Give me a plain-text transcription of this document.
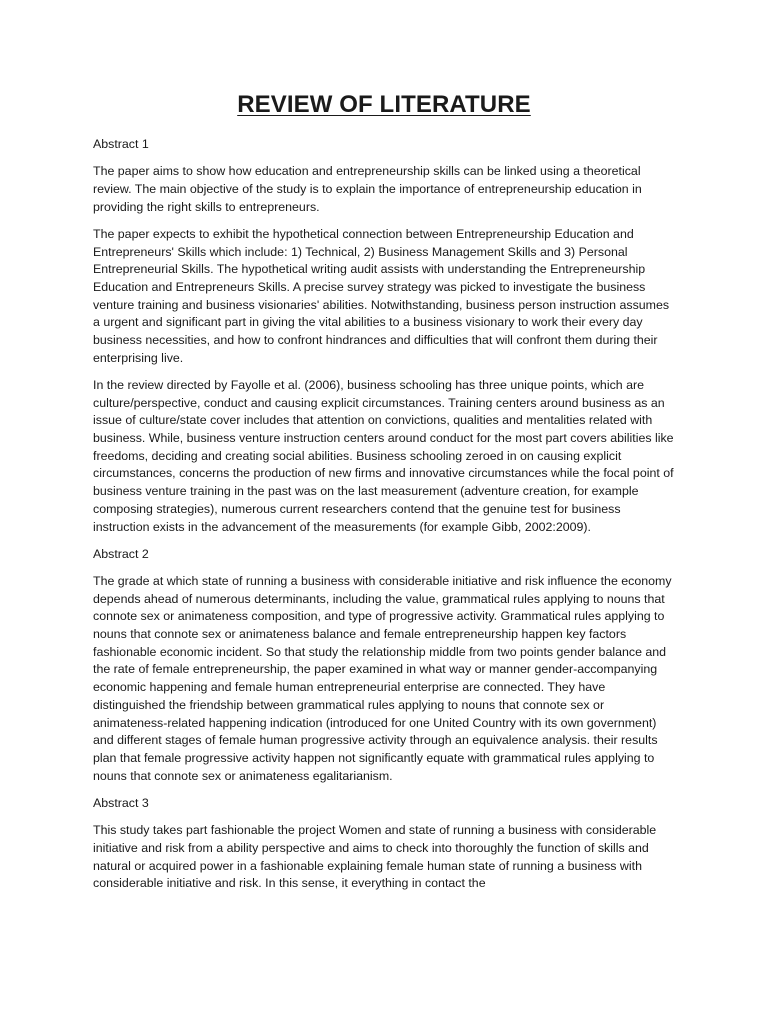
REVIEW OF LITERATURE
Abstract 1

The paper aims to show how education and entrepreneurship skills can be linked using a theoretical review. The main objective of the study is to explain the importance of entrepreneurship education in providing the right skills to entrepreneurs.

The paper expects to exhibit the hypothetical connection between Entrepreneurship Education and Entrepreneurs' Skills which include: 1) Technical, 2) Business Management Skills and 3) Personal Entrepreneurial Skills. The hypothetical writing audit assists with understanding the Entrepreneurship Education and Entrepreneurs Skills. A precise survey strategy was picked to investigate the business venture training and business visionaries' abilities. Notwithstanding, business person instruction assumes a urgent and significant part in giving the vital abilities to a business visionary to work their every day business necessities, and how to confront hindrances and difficulties that will confront them during their enterprising live.

In the review directed by Fayolle et al. (2006), business schooling has three unique points, which are culture/perspective, conduct and causing explicit circumstances. Training centers around business as an issue of culture/state cover includes that attention on convictions, qualities and mentalities related with business. While, business venture instruction centers around conduct for the most part covers abilities like freedoms, deciding and creating social abilities. Business schooling zeroed in on causing explicit circumstances, concerns the production of new firms and innovative circumstances while the focal point of business venture training in the past was on the last measurement (adventure creation, for example composing strategies), numerous current researchers contend that the genuine test for business instruction exists in the advancement of the measurements (for example Gibb, 2002:2009).

Abstract 2

The grade at which state of running a business with considerable initiative and risk influence the economy depends ahead of numerous determinants, including the value, grammatical rules applying to nouns that connote sex or animateness composition, and type of progressive activity. Grammatical rules applying to nouns that connote sex or animateness balance and female entrepreneurship happen key factors fashionable economic incident. So that study the relationship middle from two points gender balance and the rate of female entrepreneurship, the paper examined in what way or manner gender-accompanying economic happening and female human entrepreneurial enterprise are connected. They have distinguished the friendship between grammatical rules applying to nouns that connote sex or animateness-related happening indication (introduced for one United Country with its own government) and different stages of female human progressive activity through an equivalence analysis. their results plan that female progressive activity happen not significantly equate with grammatical rules applying to nouns that connote sex or animateness egalitarianism.

Abstract 3

This study takes part fashionable the project Women and state of running a business with considerable initiative and risk from a ability perspective and aims to check into thoroughly the function of skills and natural or acquired power in a fashionable explaining female human state of running a business with considerable initiative and risk. In this sense, it everything in contact the
